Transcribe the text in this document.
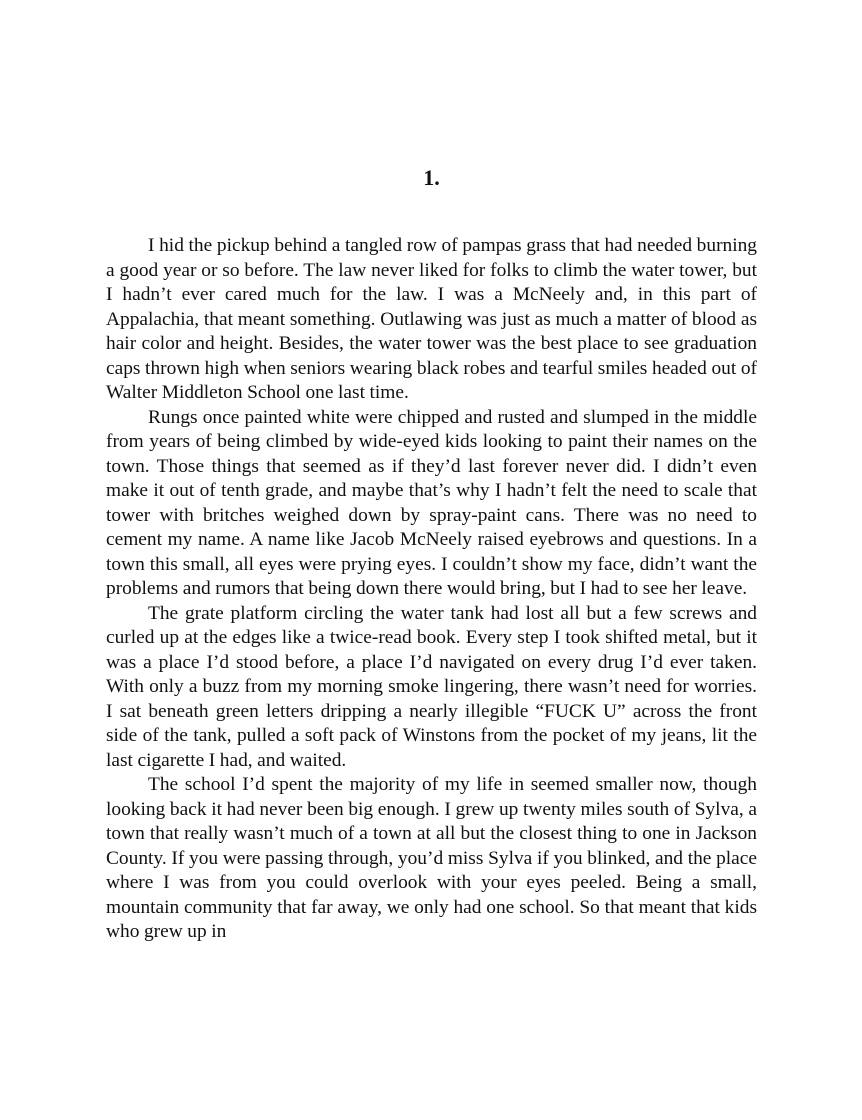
1.

I hid the pickup behind a tangled row of pampas grass that had needed burning a good year or so before. The law never liked for folks to climb the water tower, but I hadn’t ever cared much for the law. I was a McNeely and, in this part of Appalachia, that meant something. Outlawing was just as much a matter of blood as hair color and height. Besides, the water tower was the best place to see graduation caps thrown high when seniors wearing black robes and tearful smiles headed out of Walter Middleton School one last time.

Rungs once painted white were chipped and rusted and slumped in the middle from years of being climbed by wide-eyed kids looking to paint their names on the town. Those things that seemed as if they’d last forever never did. I didn’t even make it out of tenth grade, and maybe that’s why I hadn’t felt the need to scale that tower with britches weighed down by spray-paint cans. There was no need to cement my name. A name like Jacob McNeely raised eyebrows and questions. In a town this small, all eyes were prying eyes. I couldn’t show my face, didn’t want the problems and rumors that being down there would bring, but I had to see her leave.

The grate platform circling the water tank had lost all but a few screws and curled up at the edges like a twice-read book. Every step I took shifted metal, but it was a place I’d stood before, a place I’d navigated on every drug I’d ever taken. With only a buzz from my morning smoke lingering, there wasn’t need for worries. I sat beneath green letters dripping a nearly illegible “FUCK U” across the front side of the tank, pulled a soft pack of Winstons from the pocket of my jeans, lit the last cigarette I had, and waited.

The school I’d spent the majority of my life in seemed smaller now, though looking back it had never been big enough. I grew up twenty miles south of Sylva, a town that really wasn’t much of a town at all but the closest thing to one in Jackson County. If you were passing through, you’d miss Sylva if you blinked, and the place where I was from you could overlook with your eyes peeled. Being a small, mountain community that far away, we only had one school. So that meant that kids who grew up in
